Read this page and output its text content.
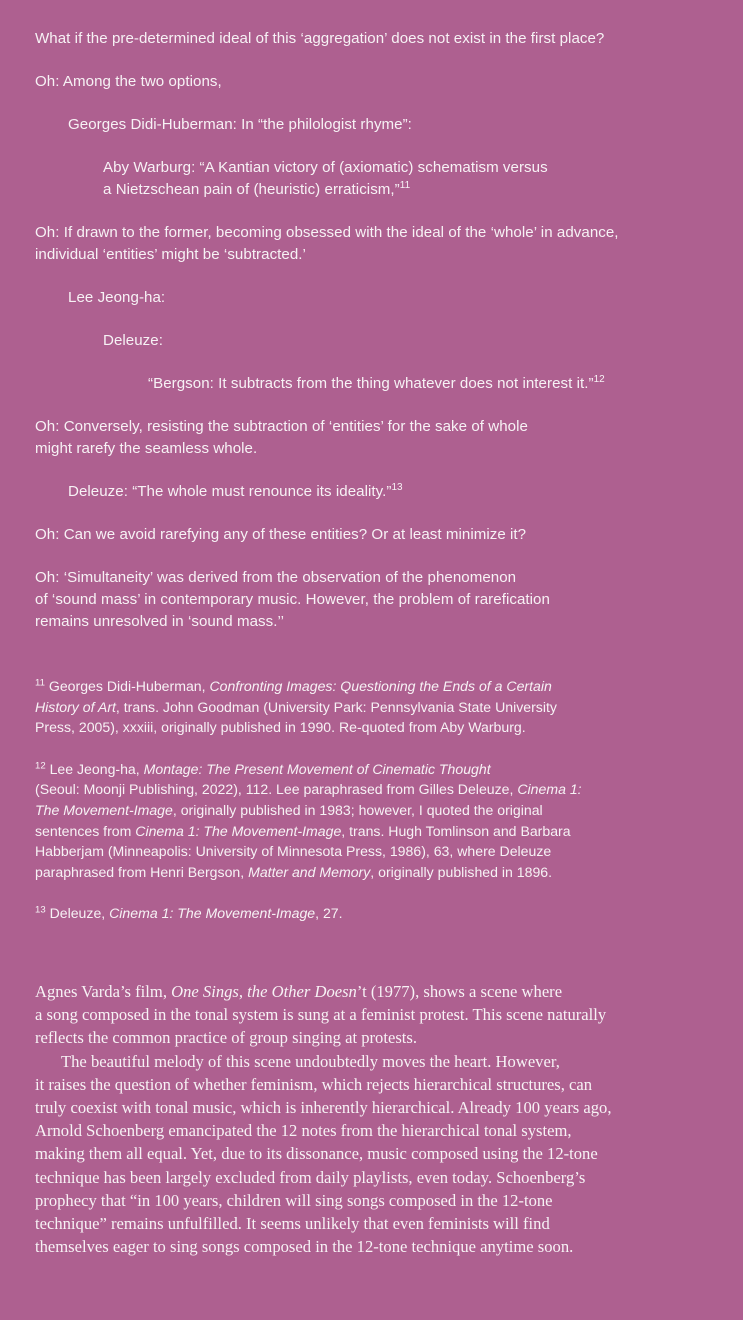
What if the pre-determined ideal of this ‘aggregation’ does not exist in the first place?

Oh: Among the two options,

Georges Didi-Huberman: In “the philologist rhyme”:

Aby Warburg: “A Kantian victory of (axiomatic) schematism versus
a Nietzschean pain of (heuristic) erraticism,”$^{11}$

Oh: If drawn to the former, becoming obsessed with the ideal of the ‘whole’ in advance,
individual ‘entities’ might be ‘subtracted.’

Lee Jeong-ha:

Deleuze:

“Bergson: It subtracts from the thing whatever does not interest it.”$^{12}$

Oh: Conversely, resisting the subtraction of ‘entities’ for the sake of whole
might rarefy the seamless whole.

Deleuze: “The whole must renounce its ideality.”$^{13}$

Oh: Can we avoid rarefying any of these entities? Or at least minimize it?

Oh: ‘Simultaneity’ was derived from the observation of the phenomenon
of ‘sound mass’ in contemporary music. However, the problem of rarefication
remains unresolved in ‘sound mass.’’

$^{11}$ Georges Didi-Huberman, Confronting Images: Questioning the Ends of a Certain
History of Art, trans. John Goodman (University Park: Pennsylvania State University
Press, 2005), xxxiii, originally published in 1990. Re-quoted from Aby Warburg.

$^{12}$ Lee Jeong-ha, Montage: The Present Movement of Cinematic Thought
(Seoul: Moonji Publishing, 2022), 112. Lee paraphrased from Gilles Deleuze, Cinema 1:
The Movement-Image, originally published in 1983; however, I quoted the original
sentences from Cinema 1: The Movement-Image, trans. Hugh Tomlinson and Barbara
Habberjam (Minneapolis: University of Minnesota Press, 1986), 63, where Deleuze
paraphrased from Henri Bergson, Matter and Memory, originally published in 1896.

$^{13}$ Deleuze, Cinema 1: The Movement-Image, 27.

Agnes Varda’s film, One Sings, the Other Doesn’t (1977), shows a scene where
a song composed in the tonal system is sung at a feminist protest. This scene naturally
reflects the common practice of group singing at protests.

The beautiful melody of this scene undoubtedly moves the heart. However,
it raises the question of whether feminism, which rejects hierarchical structures, can
truly coexist with tonal music, which is inherently hierarchical. Already 100 years ago,
Arnold Schoenberg emancipated the 12 notes from the hierarchical tonal system,
making them all equal. Yet, due to its dissonance, music composed using the 12-tone
technique has been largely excluded from daily playlists, even today. Schoenberg’s
prophecy that “in 100 years, children will sing songs composed in the 12-tone
technique” remains unfulfilled. It seems unlikely that even feminists will find
themselves eager to sing songs composed in the 12-tone technique anytime soon.
